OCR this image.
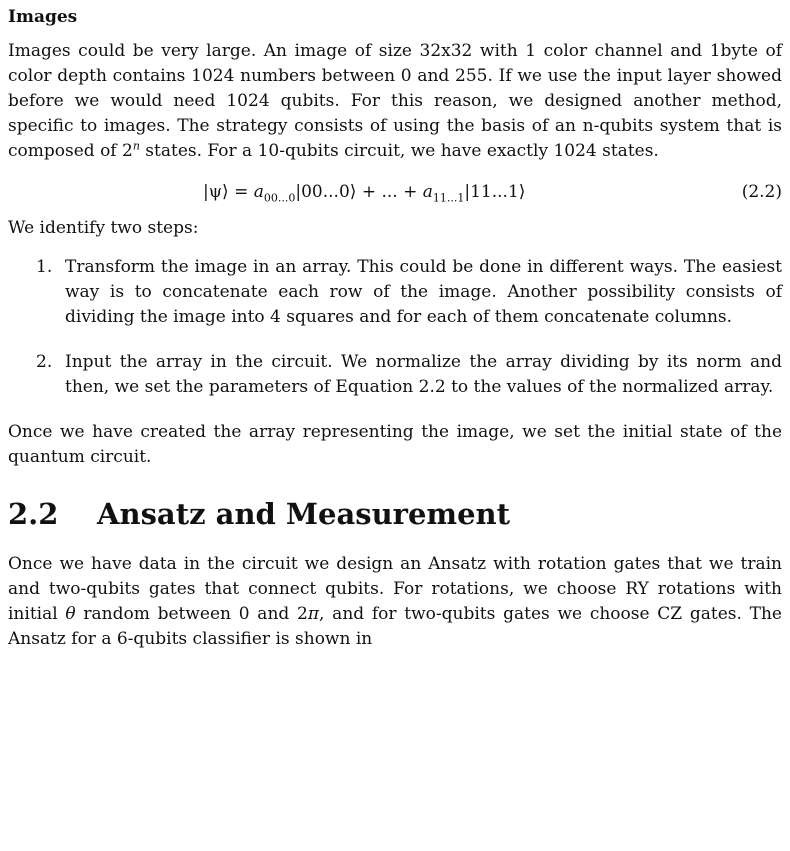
Images

Images could be very large. An image of size 32x32 with 1 color channel and 1byte of color depth contains 1024 numbers between 0 and 255. If we use the input layer showed before we would need 1024 qubits. For this reason, we designed another method, specific to images. The strategy consists of using the basis of an n-qubits system that is composed of 2$^n$ states. For a 10-qubits circuit, we have exactly 1024 states.

|ψ⟩ = $a_{00...0}|00...0⟩$ + ... + $a_{11...1}|11...1⟩$	(2.2)

We identify two steps:

1. Transform the image in an array. This could be done in different ways. The easiest way is to concatenate each row of the image. Another possibility consists of dividing the image into 4 squares and for each of them concatenate columns.
2. Input the array in the circuit. We normalize the array dividing by its norm and then, we set the parameters of Equation 2.2 to the values of the normalized array.

Once we have created the array representing the image, we set the initial state of the quantum circuit.

2.2 Ansatz and Measurement

Once we have data in the circuit we design an Ansatz with rotation gates that we train and two-qubits gates that connect qubits. For rotations, we choose RY rotations with initial θ random between 0 and 2π, and for two-qubits gates we choose CZ gates. The Ansatz for a 6-qubits classifier is shown in
